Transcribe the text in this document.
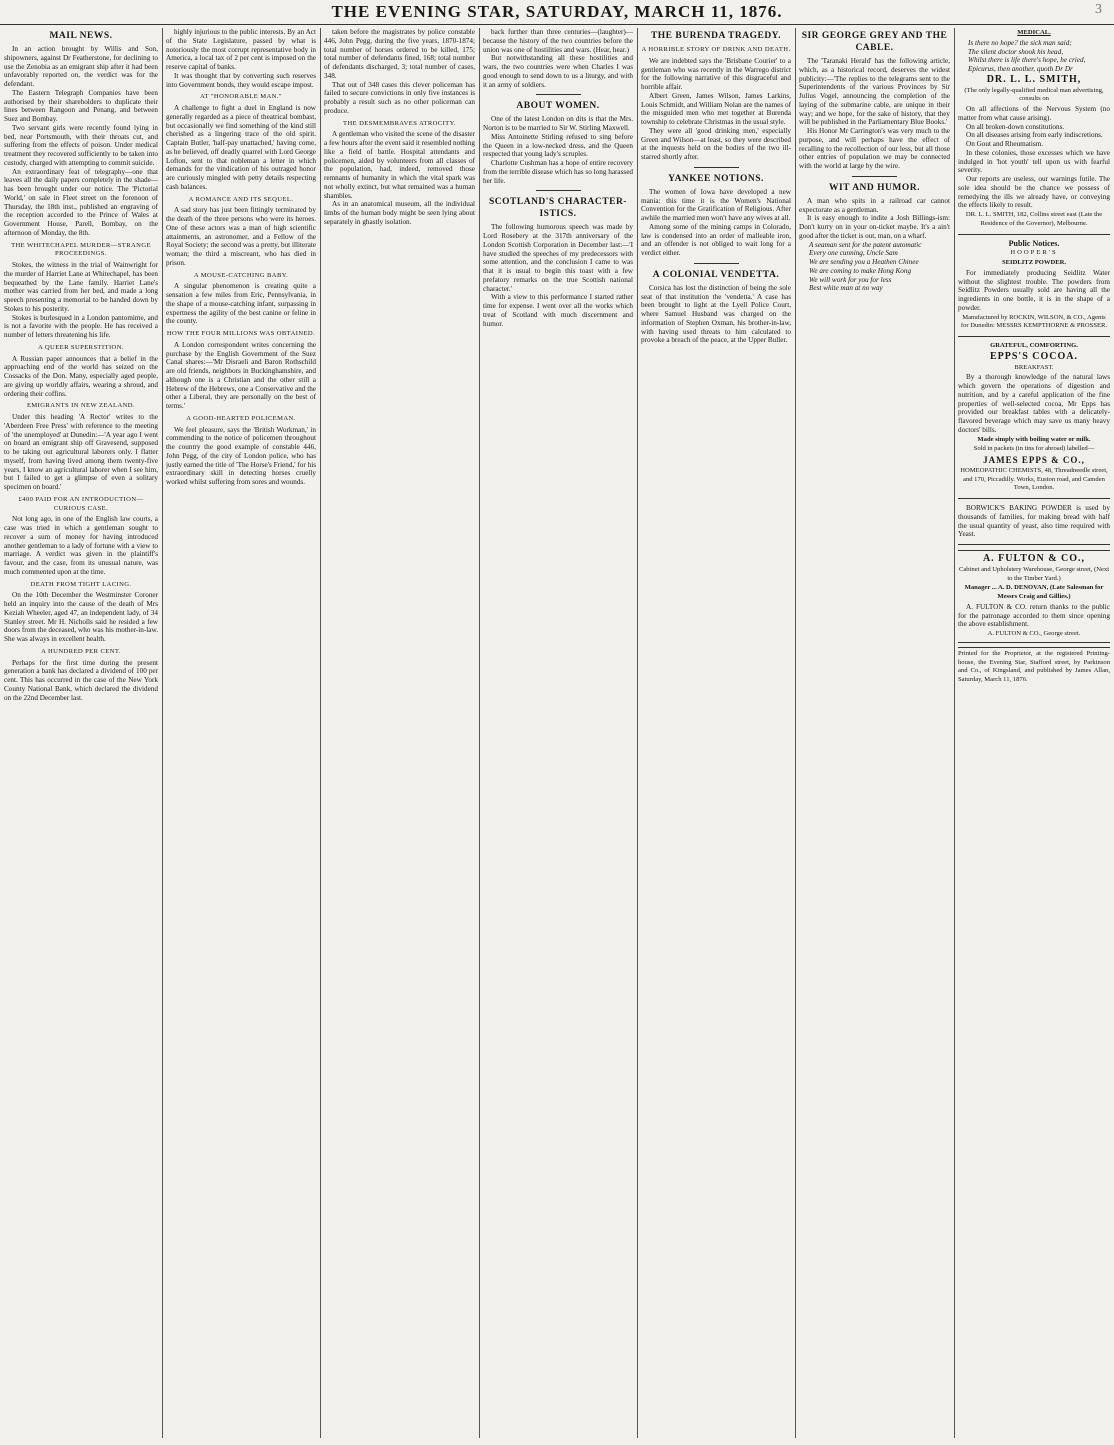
THE EVENING STAR, SATURDAY, MARCH 11, 1876.	3
MAIL NEWS.

In an action brought by Willis and Son, shipowners, against Dr Featherstone, for declining to use the Zenobia as an emigrant ship after it had been unfavorably reported on, the verdict was for the defendant.

The Eastern Telegraph Companies have been authorised by their shareholders to duplicate their lines between Rangoon and Penang, and between Suez and Bombay.

Two servant girls were recently found lying in bed, near Portsmouth, with their throats cut, and suffering from the effects of poison. Under medical treatment they recovered sufficiently to be taken into custody, charged with attempting to commit suicide.

An extraordinary feat of telegraphy—one that leaves all the daily papers completely in the shade—has been brought under our notice. The 'Pictorial World,' on sale in Fleet street on the forenoon of Thursday, the 18th inst., published an engraving of the reception accorded to the Prince of Wales at Government House, Parell, Bombay, on the afternoon of Monday, the 8th.

THE WHITECHAPEL MURDER—STRANGE PROCEEDINGS.

Stokes, the witness in the trial of Wainwright for the murder of Harriet Lane at Whitechapel, has been bequeathed by the Lane family. Harriet Lane's mother was carried from her bed, and made a long speech presenting a memorial to be handed down by Stokes to his posterity.

Stokes is burlesqued in a London pantomime, and is not a favorite with the people. He has received a number of letters threatening his life.

A QUEER SUPERSTITION.

A Russian paper announces that a belief in the approaching end of the world has seized on the Cossacks of the Don. Many, especially aged people, are giving up worldly affairs, wearing a shroud, and ordering their coffins.

EMIGRANTS IN NEW ZEALAND.

Under this heading 'A Rector' writes to the 'Aberdeen Free Press' with reference to the meeting of 'the unemployed' at Dunedin:—'A year ago I went on board an emigrant ship off Gravesend, supposed to be taking out agricultural laborers only. I flatter myself, from having lived among them twenty-five years, I know an agricultural laborer when I see him, but I failed to get a glimpse of even a solitary specimen on board.'

£400 PAID FOR AN INTRODUCTION—CURIOUS CASE.

Not long ago, in one of the English law courts, a case was tried in which a gentleman sought to recover a sum of money for having introduced another gentleman to a lady of fortune with a view to marriage. A verdict was given in the plaintiff's favour, and the case, from its unusual nature, was much commented upon at the time.

DEATH FROM TIGHT LACING.

On the 10th December the Westminster Coroner held an inquiry into the cause of the death of Mrs Keziah Wheeler, aged 47, an independent lady, of 34 Stanley street. Mr H. Nicholls said he resided a few doors from the deceased, who was his mother-in-law. She was always in excellent health.

A HUNDRED PER CENT.

Perhaps for the first time during the present generation a bank has declared a dividend of 100 per cent. This has occurred in the case of the New York County National Bank, which declared the dividend on the 22nd December last.

highly injurious to the public interests. By an Act of the State Legislature, passed by what is notoriously the most corrupt representative body in America, a local tax of 2 per cent is imposed on the reserve capital of banks.

It was thought that by converting such reserves into Government bonds, they would escape impost.

AT "HONORABLE MAN."

A challenge to fight a duel in England is now generally regarded as a piece of theatrical bombast, but occasionally we find something of the kind still cherished as a lingering trace of the old spirit. Captain Butler, 'half-pay unattached,' having come, as he believed, off deadly quarrel with Lord George Lofton, sent to that nobleman a letter in which demands for the vindication of his outraged honor are curiously mingled with petty details respecting cash balances.

A ROMANCE AND ITS SEQUEL.

A sad story has just been fittingly terminated by the death of the three persons who were its heroes. One of these actors was a man of high scientific attainments, an astronomer, and a Fellow of the Royal Society; the second was a pretty, but illiterate woman; the third a miscreant, who has died in prison.

A MOUSE-CATCHING BABY.

A singular phenomenon is creating quite a sensation a few miles from Eric, Pennsylvania, in the shape of a mouse-catching infant, surpassing in expertness the agility of the best canine or feline in the county.

HOW THE FOUR MILLIONS WAS OBTAINED.

A London correspondent writes concerning the purchase by the English Government of the Suez Canal shares:—'Mr Disraeli and Baron Rothschild are old friends, neighbors in Buckinghamshire, and although one is a Christian and the other still a Hebrew of the Hebrews, one a Conservative and the other a Liberal, they are personally on the best of terms.'

A GOOD-HEARTED POLICEMAN.

We feel pleasure, says the 'British Workman,' in commending to the notice of policemen throughout the country the good example of constable 446, John Pegg, of the city of London police, who has justly earned the title of 'The Horse's Friend,' for his extraordinary skill in detecting horses cruelly worked whilst suffering from sores and wounds.

taken before the magistrates by police constable 446, John Pegg, during the five years, 1870-1874; total number of horses ordered to be killed, 175; total number of defendants fined, 168; total number of defendants discharged, 3; total number of cases, 348.

That out of 348 cases this clever policeman has failed to secure convictions in only five instances is probably a result such as no other policeman can produce.

THE DESMEMBRAVES ATROCITY.

A gentleman who visited the scene of the disaster a few hours after the event said it resembled nothing like a field of battle. Hospital attendants and policemen, aided by volunteers from all classes of the population, had, indeed, removed those remnants of humanity in which the vital spark was not wholly extinct, but what remained was a human shambles.

As in an anatomical museum, all the individual limbs of the human body might be seen lying about separately in ghastly isolation.

back further than three centuries—(laughter)—because the history of the two countries before the union was one of hostilities and wars. (Hear, hear.)

But notwithstanding all these hostilities and wars, the two countries were when Charles I was good enough to send down to us a liturgy, and with it an army of soldiers.

ABOUT WOMEN.

One of the latest London on dits is that the Mrs. Norton is to be married to Sir W. Stirling Maxwell.

Miss Antoinette Stirling refused to sing before the Queen in a low-necked dress, and the Queen respected that young lady's scruples.

Charlotte Cushman has a hope of entire recovery from the terrible disease which has so long harassed her life.

SCOTLAND'S CHARACTER-ISTICS.

The following humorous speech was made by Lord Rosebery at the 317th anniversary of the London Scottish Corporation in December last:—'I have studied the speeches of my predecessors with some attention, and the conclusion I came to was that it is usual to begin this toast with a few prefatory remarks on the true Scottish national character.'

With a view to this performance I started rather time for expense. I went over all the works which treat of Scotland with much discernment and humor.

THE BURENDA TRAGEDY.
A HORRIBLE STORY OF DRINK AND DEATH.

We are indebted says the 'Brisbane Courier' to a gentleman who was recently in the Warrego district for the following narrative of this disgraceful and horrible affair.

Albert Green, James Wilson, James Larkins, Louis Schmidt, and William Nolan are the names of the misguided men who met together at Burenda township to celebrate Christmas in the usual style.

They were all 'good drinking men,' especially Green and Wilson—at least, so they were described at the inquests held on the bodies of the two ill-starred shortly after.

YANKEE NOTIONS.

The women of Iowa have developed a new mania: this time it is the Women's National Convention for the Gratification of Religious. After awhile the married men won't have any wives at all.

Among some of the mining camps in Colorado, law is condensed into an order of malleable iron, and an offender is not obliged to wait long for a verdict either.

A COLONIAL VENDETTA.

Corsica has lost the distinction of being the sole seat of that institution the 'vendetta.' A case has been brought to light at the Lyell Police Court, where Samuel Husband was charged on the information of Stephen Oxman, his brother-in-law, with having used threats to him calculated to provoke a breach of the peace, at the Upper Buller.

SIR GEORGE GREY AND THE CABLE.

The 'Taranaki Herald' has the following article, which, as a historical record, deserves the widest publicity:—'The replies to the telegrams sent to the Superintendents of the various Provinces by Sir Julius Vogel, announcing the completion of the laying of the submarine cable, are unique in their way; and we hope, for the sake of history, that they will be published in the Parliamentary Blue Books.'

His Honor Mr Carrington's was very much to the purpose, and will perhaps have the effect of recalling to the recollection of our less, but all those other entries of population we may be connected with the world at large by the wire.

WIT AND HUMOR.

A man who spits in a railroad car cannot expectorate as a gentleman.

It is easy enough to indite a Josh Billings-ism: Don't kurry on in your on-ticket maybe. It's a ain't good after the ticket is out, man, on a wharf.

A seaman sent for the patent automatic
Every one cunning, Uncle Sam
We are sending you a Heathen Chinee
We are coming to make Hong Kong
We will work for you for less
Best white man at no way
MEDICAL.
Is there no hope? the sick man said;
The silent doctor shook his head,
Whilst there is life there's hope, he cried,
Epicurus, then another, quoth Dr Dr
DR. L. L. SMITH,
(The only legally-qualified medical man advertising, consults on

On all affections of the Nervous System (no matter from what cause arising).

On all broken-down constitutions.

On all diseases arising from early indiscretions.

On Gout and Rheumatism.

In these colonies, those excesses which we have indulged in 'hot youth' tell upon us with fearful severity.

Our reports are useless, our warnings futile. The sole idea should be the chance we possess of remedying the ills we already have, or conveying the effects likely to result.

DR. L. L. SMITH, 182, Collins street east (Late the Residence of the Governor), Melbourne.
Public Notices.
HOOPER'S
SEIDLITZ POWDER.

For immediately producing Seidlitz Water without the slightest trouble. The powders from Seidlitz Powders usually sold are having all the ingredients in one bottle, it is in the shape of a powder.

Manufactured by ROCKIN, WILSON, & CO., Agents for Dunedin: MESSRS KEMPTHORNE & PROSSER.
GRATEFUL, COMFORTING.
EPPS'S COCOA.
BREAKFAST.

By a thorough knowledge of the natural laws which govern the operations of digestion and nutrition, and by a careful application of the fine properties of well-selected cocoa, Mr Epps has provided our breakfast tables with a delicately-flavored beverage which may save us many heavy doctors' bills.

Made simply with boiling water or milk.
Sold in packets (in tins for abroad) labelled—
JAMES EPPS & CO.,
HOMEOPATHIC CHEMISTS, 48, Threadneedle street, and 170, Piccadilly. Works, Euston road, and Camden Town, London.

BORWICK'S BAKING POWDER is used by thousands of families, for making bread with half the usual quantity of yeast, also time required with Yeast.

A. FULTON & CO.,
Cabinet and Upholstery Warehouse, George street, (Next to the Timber Yard.)
Manager ... A. D. DENOVAN, (Late Salesman for Messrs Craig and Gillies.)

A. FULTON & CO. return thanks to the public for the patronage accorded to them since opening the above establishment.

A. FULTON & CO., George street.
Printed for the Proprietor, at the registered Printing-house, the Evening Star, Stafford street, by Parkinson and Co., of Kingsland, and published by James Allan, Saturday, March 11, 1876.
